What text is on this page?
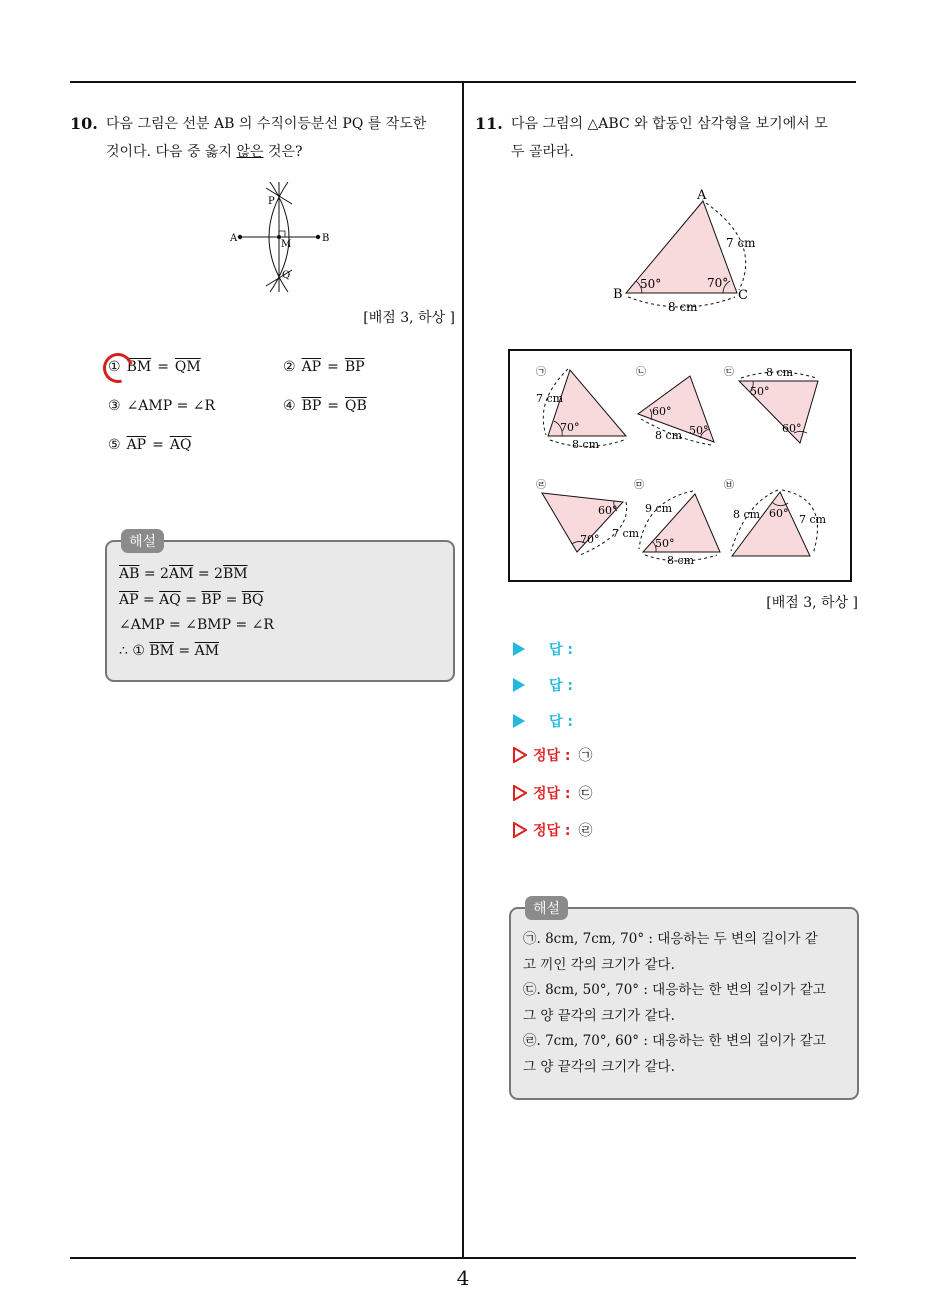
4
10. 다음 그림은 선분 AB 의 수직이등분선 PQ 를 작도한
것이다. 다음 중 옳지 않은 것은?
A	B
P
Q
M
[배점 3, 하상 ]
① $\overline{BM} = \overline{QM}$	② $\overline{AP} = \overline{BP}$
③ ∠AMP = ∠R	④ $\overline{BP} = \overline{QB}$
⑤ $\overline{AP} = \overline{AQ}$
해설
$\overline{AB} = 2\overline{AM} = 2\overline{BM}$
$\overline{AP} = \overline{AQ} = \overline{BP} = \overline{BQ}$
∠AMP = ∠BMP = ∠R
∴ ① $\overline{BM} = \overline{AM}$
11. 다음 그림의 △ABC 와 합동인 삼각형을 보기에서 모
두 골라라.
A
B	C
7 cm
8 cm
50°	70°
㉠
7 cm
70°
8 cm
㉡
60°
8 cm 50°
㉢	8 cm
50°
60°
㉣
60°
7 cm
70°
㉤
9 cm
50°
8 cm
㉥
8 cm 60° 7 cm
[배점 3, 하상 ]
답 :
답 :
답 :
정답 : ㉠
정답 : ㉢
정답 : ㉣
해설
㉠. 8cm, 7cm, 70° : 대응하는 두 변의 길이가 같
고 끼인 각의 크기가 같다.
㉢. 8cm, 50°, 70° : 대응하는 한 변의 길이가 같고
그 양 끝각의 크기가 같다.
㉣. 7cm, 70°, 60° : 대응하는 한 변의 길이가 같고
그 양 끝각의 크기가 같다.
